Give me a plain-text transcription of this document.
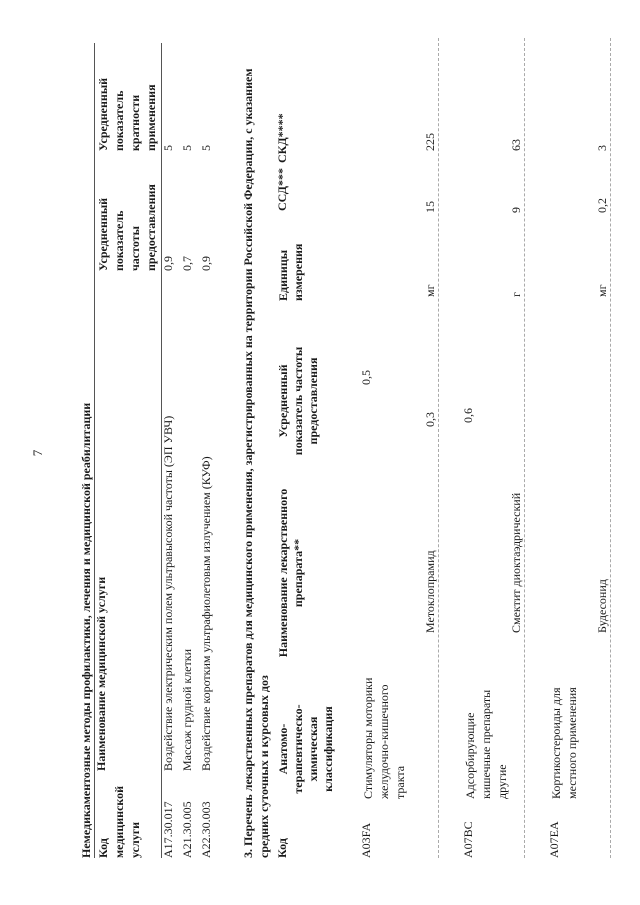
7	Немедикаментозные методы профилактики, лечения и медицинской реабилитации Код медицинской услуги
Наименование медицинской услуги
Усредненный показатель частоты предоставления
Усредненный показатель кратности применения
A17.30.017
Воздействие электрическим полем ультравысокой частоты (ЭП УВЧ)
0,9
5
A21.30.005
Массаж грудной клетки
0,7
5
A22.30.003
Воздействие коротким ультрафиолетовым излучением (КУФ)
0,9
5 3. Перечень лекарственных препаратов для медицинского применения, зарегистрированных на территории Российской Федерации, с указанием средних суточных и курсовых доз Код
Анатомо-терапевтическо-химическая классификация
Наименование лекарственного препарата**
Усредненный показатель частоты предоставления
Единицы измерения
ССД***
СКД****
A03FA
Стимуляторы моторики желудочно-кишечного тракта
0,5
Метоклопрамид
0,3
мг
15
225
A07BC
Адсорбирующие кишечные препараты другие
0,6
Смектит диоктаэдрический
г
9
63
A07EA
Кортикостероиды для местного применения
Будесонид
мг
0,2
3
